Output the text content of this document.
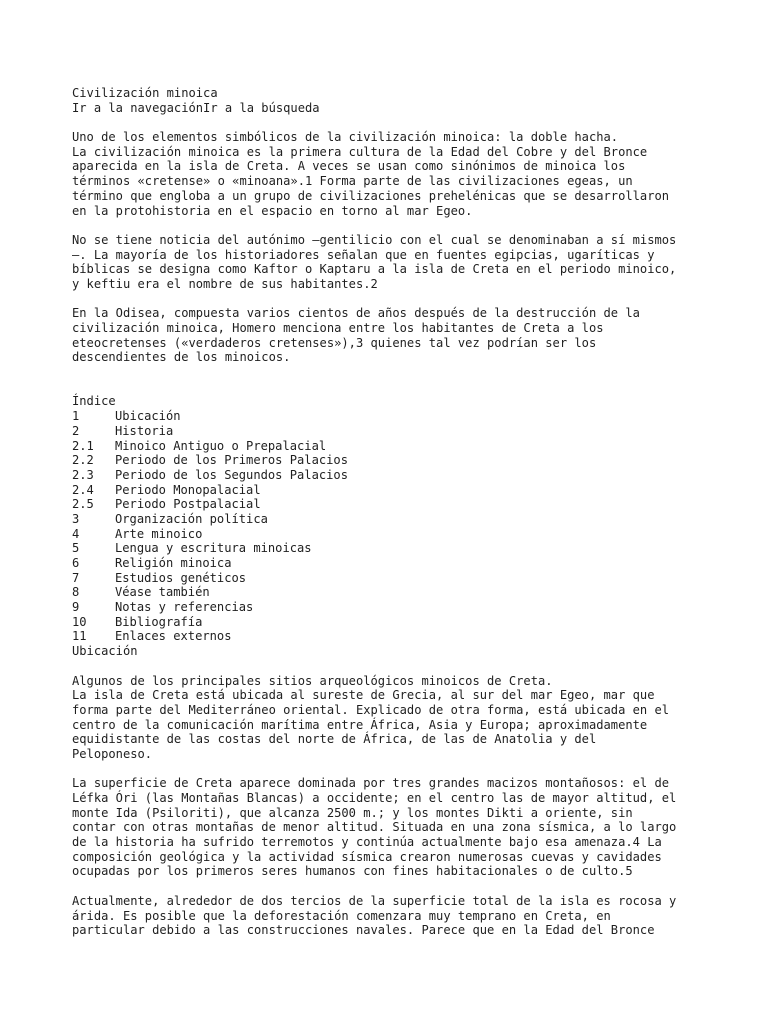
Civilización minoica
Ir a la navegaciónIr a la búsqueda
Uno de los elementos simbólicos de la civilización minoica: la doble hacha.
La civilización minoica es la primera cultura de la Edad del Cobre y del Bronce
aparecida en la isla de Creta. A veces se usan como sinónimos de minoica los
términos «cretense» o «minoana».1 Forma parte de las civilizaciones egeas, un
término que engloba a un grupo de civilizaciones prehelénicas que se desarrollaron
en la protohistoria en el espacio en torno al mar Egeo.
No se tiene noticia del autónimo —gentilicio con el cual se denominaban a sí mismos
—. La mayoría de los historiadores señalan que en fuentes egipcias, ugaríticas y
bíblicas se designa como Kaftor o Kaptaru a la isla de Creta en el periodo minoico,
y keftiu era el nombre de sus habitantes.2
En la Odisea, compuesta varios cientos de años después de la destrucción de la
civilización minoica, Homero menciona entre los habitantes de Creta a los
eteocretenses («verdaderos cretenses»),3 quienes tal vez podrían ser los
descendientes de los minoicos.
Índice
1	Ubicación
2	Historia
2.1	Minoico Antiguo o Prepalacial
2.2	Periodo de los Primeros Palacios
2.3	Periodo de los Segundos Palacios
2.4	Periodo Monopalacial
2.5	Periodo Postpalacial
3	Organización política
4	Arte minoico
5	Lengua y escritura minoicas
6	Religión minoica
7	Estudios genéticos
8	Véase también
9	Notas y referencias
10	Bibliografía
11	Enlaces externos
Ubicación
Algunos de los principales sitios arqueológicos minoicos de Creta.
La isla de Creta está ubicada al sureste de Grecia, al sur del mar Egeo, mar que
forma parte del Mediterráneo oriental. Explicado de otra forma, está ubicada en el
centro de la comunicación marítima entre África, Asia y Europa; aproximadamente
equidistante de las costas del norte de África, de las de Anatolia y del
Peloponeso.
La superficie de Creta aparece dominada por tres grandes macizos montañosos: el de
Léfka Óri (las Montañas Blancas) a occidente; en el centro las de mayor altitud, el
monte Ida (Psiloriti), que alcanza 2500 m.; y los montes Dikti a oriente, sin
contar con otras montañas de menor altitud. Situada en una zona sísmica, a lo largo
de la historia ha sufrido terremotos y continúa actualmente bajo esa amenaza.4 La
composición geológica y la actividad sísmica crearon numerosas cuevas y cavidades
ocupadas por los primeros seres humanos con fines habitacionales o de culto.5
Actualmente, alrededor de dos tercios de la superficie total de la isla es rocosa y
árida. Es posible que la deforestación comenzara muy temprano en Creta, en
particular debido a las construcciones navales. Parece que en la Edad del Bronce
